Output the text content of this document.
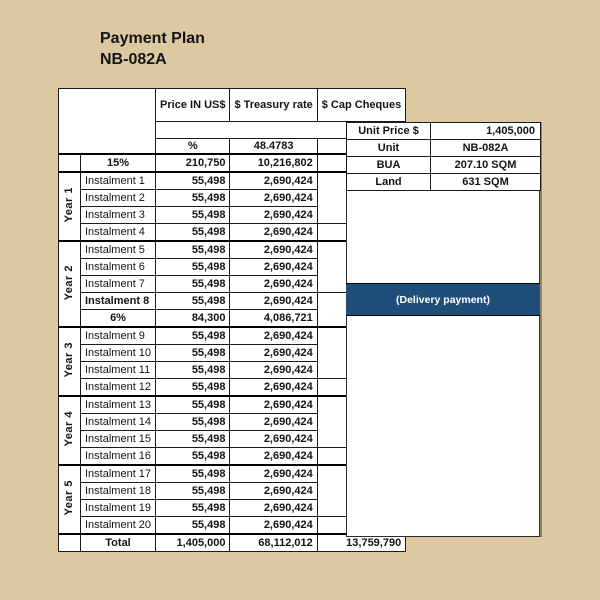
Payment Plan
NB-082A
		Price IN US$	$ Treasury rate	$ Cap Cheques

		%	48.4783	
	15%	210,750	10,216,802	
Year 1	Instalment 1	55,498	2,690,424	
	Instalment 2	55,498	2,690,424	
	Instalment 3	55,498	2,690,424	
	Instalment 4	55,498	2,690,424	
Year 2	Instalment 5	55,498	2,690,424	
	Instalment 6	55,498	2,690,424	
	Instalment 7	55,498	2,690,424	
	Instalment 8	55,498	2,690,424	
	6%	84,300	4,086,721	
Year 3	Instalment 9	55,498	2,690,424	
	Instalment 10	55,498	2,690,424	
	Instalment 11	55,498	2,690,424	
	Instalment 12	55,498	2,690,424	
Year 4	Instalment 13	55,498	2,690,424	
	Instalment 14	55,498	2,690,424	
	Instalment 15	55,498	2,690,424	
	Instalment 16	55,498	2,690,424	
Year 5	Instalment 17	55,498	2,690,424	
	Instalment 18	55,498	2,690,424	
	Instalment 19	55,498	2,690,424	
	Instalment 20	55,498	2,690,424	
	Total	1,405,000	68,112,012	13,759,790
Unit Price $	1,405,000
Unit	NB-082A
BUA	207.10 SQM
Land	631 SQM
(Delivery payment)
